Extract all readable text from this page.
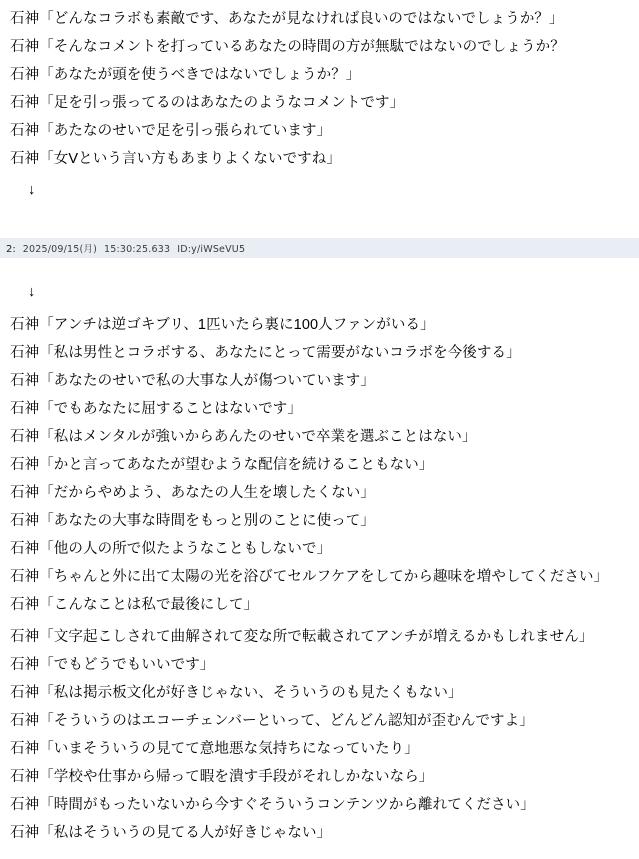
石神「どんなコラボも素敵です、あなたが見なければ良いのではないでしょうか？」

石神「そんなコメントを打っているあなたの時間の方が無駄ではないのでしょうか？

石神「あなたが頭を使うべきではないでしょうか？」

石神「足を引っ張ってるのはあなたのようなコメントです」

石神「あたなのせいで足を引っ張られています」

石神「女Vという言い方もあまりよくないですね」

↓
2: 2025/09/15(月) 15:30:25.633 ID:y/iWSeVU5
↓

石神「アンチは逆ゴキブリ、1匹いたら裏に100人ファンがいる」

石神「私は男性とコラボする、あなたにとって需要がないコラボを今後する」

石神「あなたのせいで私の大事な人が傷ついています」

石神「でもあなたに屈することはないです」

石神「私はメンタルが強いからあんたのせいで卒業を選ぶことはない」

石神「かと言ってあなたが望むような配信を続けることもない」

石神「だからやめよう、あなたの人生を壊したくない」

石神「あなたの大事な時間をもっと別のことに使って」

石神「他の人の所で似たようなこともしないで」

石神「ちゃんと外に出て太陽の光を浴びてセルフケアをしてから趣味を増やしてください」

石神「こんなことは私で最後にして」

石神「文字起こしされて曲解されて変な所で転載されてアンチが増えるかもしれません」

石神「でもどうでもいいです」

石神「私は掲示板文化が好きじゃない、そういうのも見たくもない」

石神「そういうのはエコーチェンバーといって、どんどん認知が歪むんですよ」

石神「いまそういうの見てて意地悪な気持ちになっていたり」

石神「学校や仕事から帰って暇を潰す手段がそれしかないなら」

石神「時間がもったいないから今すぐそういうコンテンツから離れてください」

石神「私はそういうの見てる人が好きじゃない」
